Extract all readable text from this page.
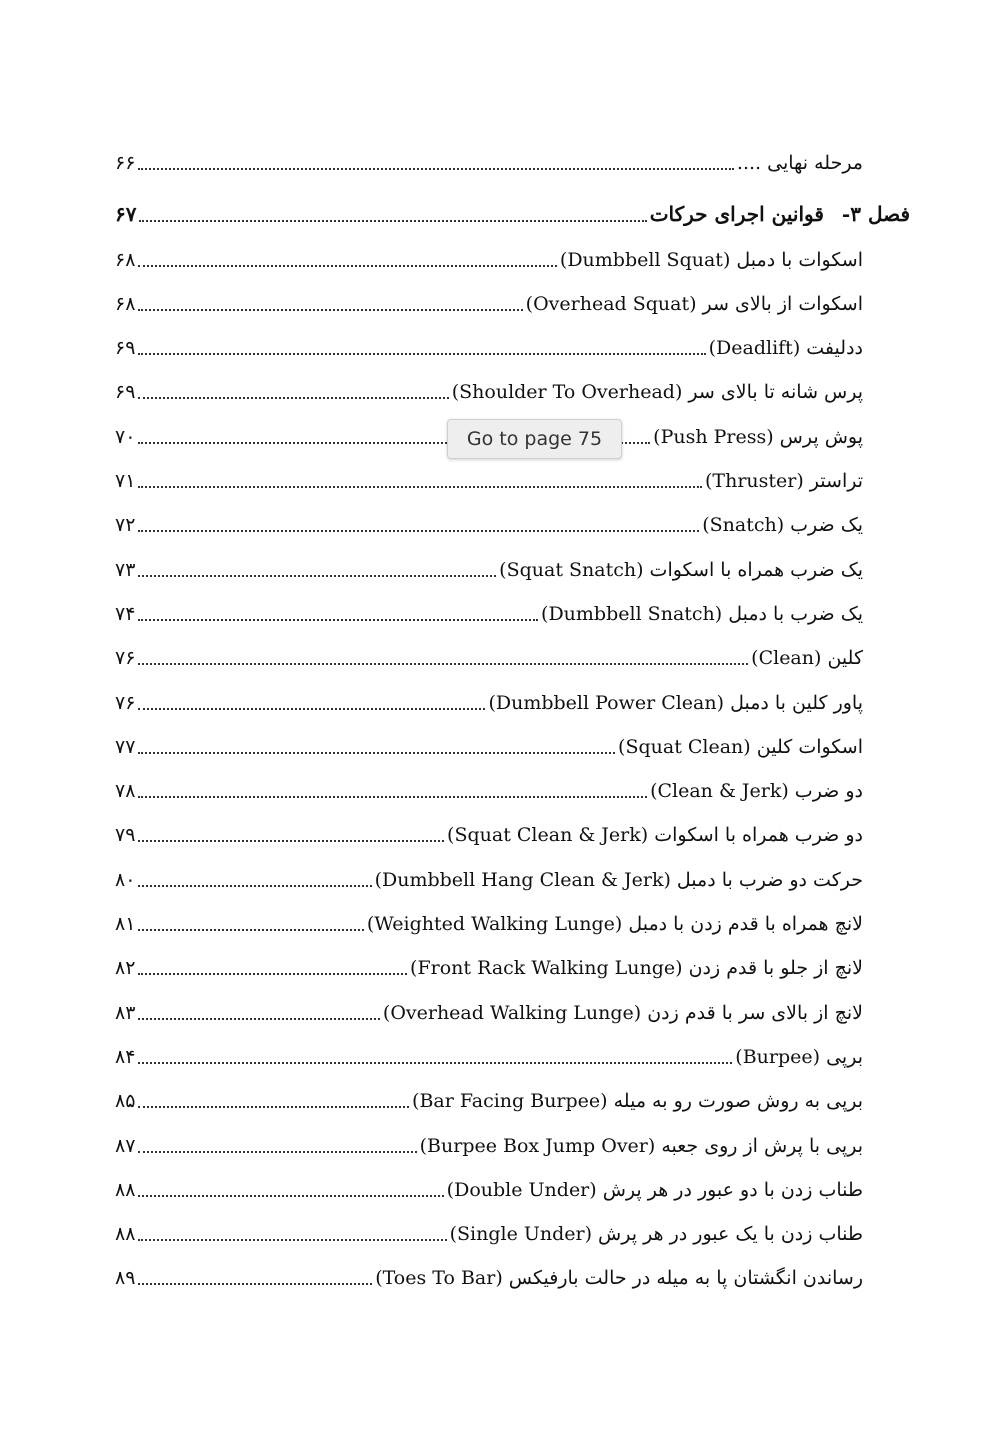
مرحله نهایی ....
۶۶
فصل ۳-
قوانین اجرای حرکات
۶۷
اسکوات با دمبل (Dumbbell Squat)
۶۸
اسکوات از بالای سر (Overhead Squat)
۶۸
ددلیفت (Deadlift)
۶۹
پرس شانه تا بالای سر (Shoulder To Overhead)
۶۹
پوش پرس (Push Press)
۷۰
تراستر (Thruster)
۷۱
یک ضرب (Snatch)
۷۲
یک ضرب همراه با اسکوات (Squat Snatch)
۷۳
یک ضرب با دمبل (Dumbbell Snatch)
۷۴
کلین (Clean)
۷۶
پاور کلین با دمبل (Dumbbell Power Clean)
۷۶
اسکوات کلین (Squat Clean)
۷۷
دو ضرب (Clean & Jerk)
۷۸
دو ضرب همراه با اسکوات (Squat Clean & Jerk)
۷۹
حرکت دو ضرب با دمبل (Dumbbell Hang Clean & Jerk)
۸۰
لانچ همراه با قدم زدن با دمبل (Weighted Walking Lunge)
۸۱
لانچ از جلو با قدم زدن (Front Rack Walking Lunge)
۸۲
لانچ از بالای سر با قدم زدن (Overhead Walking Lunge)
۸۳
برپی (Burpee)
۸۴
برپی به روش صورت رو به میله (Bar Facing Burpee)
۸۵
برپی با پرش از روی جعبه (Burpee Box Jump Over)
۸۷
طناب زدن با دو عبور در هر پرش (Double Under)
۸۸
طناب زدن با یک عبور در هر پرش (Single Under)
۸۸
رساندن انگشتان پا به میله در حالت بارفیکس (Toes To Bar)
۸۹
Go to page 75
